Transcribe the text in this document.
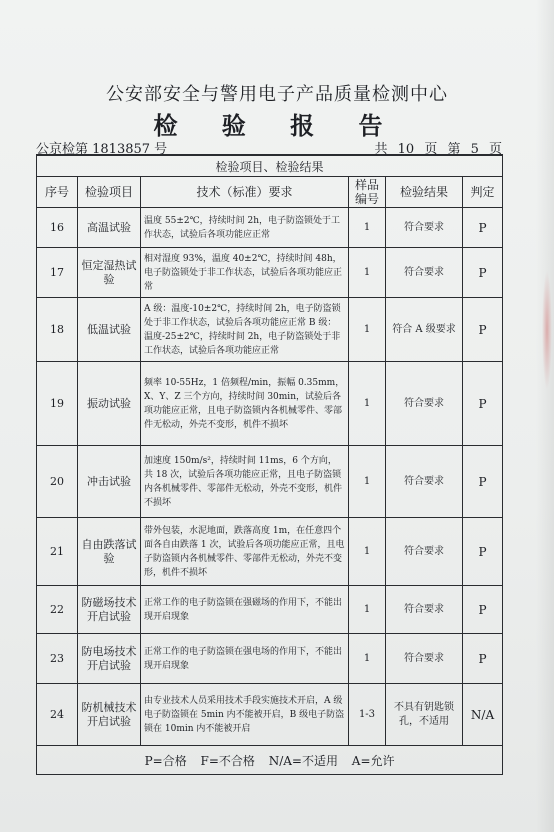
公安部安全与警用电子产品质量检测中心
检 验 报 告
公京检第 1813857 号	共 10 页 第 5 页
检验项目、检验结果					
序号	检验项目	技术（标准）要求	样品编号	检验结果	判定
16	高温试验	温度 55±2℃，持续时间 2h，电子防盗锁处于工作状态，试验后各项功能应正常	1	符合要求	P
17	恒定湿热试验	相对湿度 93%，温度 40±2℃，持续时间 48h，电子防盗锁处于非工作状态，试验后各项功能应正常	1	符合要求	P
18	低温试验	A 级：温度-10±2℃，持续时间 2h，电子防盗锁处于非工作状态，试验后各项功能应正常 B 级：温度-25±2℃，持续时间 2h，电子防盗锁处于非工作状态，试验后各项功能应正常	1	符合 A 级要求	P
19	振动试验	频率 10-55Hz，1 倍频程/min，振幅 0.35mm，X、Y、Z 三个方向，持续时间 30min，试验后各项功能应正常，且电子防盗锁内各机械零件、零部件无松动，外壳不变形，机件不损坏	1	符合要求	P
20	冲击试验	加速度 150m/s²，持续时间 11ms，6 个方向，共 18 次，试验后各项功能应正常，且电子防盗锁内各机械零件、零部件无松动，外壳不变形，机件不损坏	1	符合要求	P
21	自由跌落试验	带外包装，水泥地面，跌落高度 1m，在任意四个面各自由跌落 1 次，试验后各项功能应正常，且电子防盗锁内各机械零件、零部件无松动，外壳不变形，机件不损坏	1	符合要求	P
22	防磁场技术开启试验	正常工作的电子防盗锁在强磁场的作用下，不能出现开启现象	1	符合要求	P
23	防电场技术开启试验	正常工作的电子防盗锁在强电场的作用下，不能出现开启现象	1	符合要求	P
24	防机械技术开启试验	由专业技术人员采用技术手段实施技术开启，A 级电子防盗锁在 5min 内不能被开启，B 级电子防盗锁在 10min 内不能被开启	1-3	不具有钥匙锁孔，不适用	N/A
P=合格 F=不合格 N/A=不适用 A=允许					
